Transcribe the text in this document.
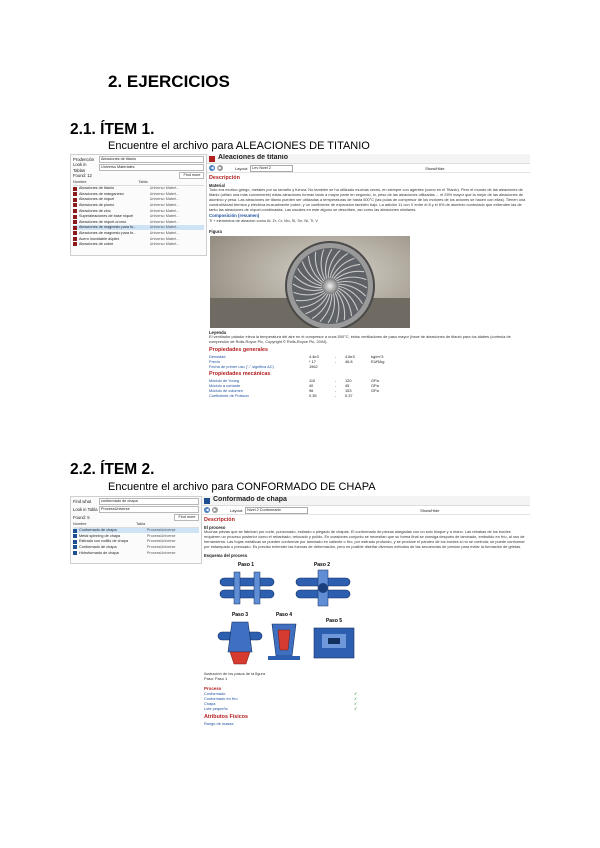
2. EJERCICIOS
2.1. ÍTEM 1.
Encuentre el archivo para ALEACIONES DE TITANIO
Prodención	Aleaciones de titanio
Look in Tablas
Universo Materiales
Found: 12	Find more
Nombre	Tabla
Aleaciones de titanio	Universo Materi...
Aleaciones de manganeso	Universo Materi...
Aleaciones de níquel	Universo Materi...
Aleaciones de plomo	Universo Materi...
Aleaciones de zinc	Universo Materi...
Superaleaciones de base níquel	Universo Materi...
Aleaciones de níquel-cromo	Universo Materi...
Aleaciones de magnesio para fu...	Universo Materi...
Aleaciones de magnesio para fo...	Universo Materi...
Acero inoxidable dúplex	Universo Materi...
Aleaciones de cobre	Universo Materi...
Aleaciones de titanio
◀	▶	Layout:	Lev Nivel 2	Show/Hide
Descripción
Material
Todo era exotico griego, metales por su tamaño y fuerza. No también se ha utilizado muchas veces, en siempre con agentes (como en el Titanic). Pero el mundo de las aleaciones de titanio (utilizó una más conveniente) estas aleaciones forman tanto a mayor parte en segundo, lo, peso de las aleaciones utilizadas ... el 25% mayor que la mejor de las aleaciones de aluminio y pesa. Las aleaciones de titanio pueden ser utilizadas a temperaturas de hasta 500°C (las pulas de compresor de los motores de los aviones se hacen con ellas). Tienen una conductividad térmica y eléctrica inusualmente pobre, y un coeficiente de expansión también bajo. La adición 11 con V entre el 8 y el 6% de aluminio controlado que extienden las de tanto las aleaciones de níquel combinadas. Las usuales en este alguno se describen, así como las aleaciones similares.
Composición (resumen)
Ti + elementos de aleación como Al, Zr, Cr, Mo, Si, Sn, Ni, Ti, V
Figura
Leyenda
El ventilador palador eleva la temperatura del aire en el compresor a unos 500°C, éstos ventiladores de paso mayor (hace de aleaciones de titanio para los álabes (cortesía de compresión de Rolls-Royce Plc, Copyright © Rolls-Royce Plc, 2004).
Propiedades generales
Densidad	4.4e3	-	4.8e3	kg/m^3
Precio	* 17	-	46.8	EUR/kg
Fecha de primer uso ("-" significa AC)	1962
Propiedades mecánicas
Módulo de Young	110	-	120	GPa
Módulo a cortante	40	-	45	GPa
Módulo de volumen	96	-	153	GPa
Coeficiente de Poisson	0.35	-	0.37
2.2. ÍTEM 2.
Encuentre el archivo para CONFORMADO DE CHAPA
Find what	conformado de chapa
Look in Tabla ProcessUniverse
Found: 5	Find more
Nombre	Tabla
Conformado de chapa	ProcessUniverse
Metal spinning de chapa	ProcessUniverse
Estirado con rodillo de chapa	ProcessUniverse
Conformado de chapa	ProcessUniverse
Hidroformado de chapa	ProcessUniverse
Conformado de chapa
◀	▶	Layout:	Nivel 2 Conformado	Show/Hide
Descripción
El proceso
Muchas piezas que se fabrican por corte, punzonado, estirado o plegado de chapas. El conformado de piezas alargadas con un solo bloque y a mano. Las rebabas de los bordes requieren un proceso posterior como el rebarbado, retocado y pulido. En ocasiones conjunto se necesitan que su forma final se consiga después de laminado, embutido en frío, al uso de herramienta. Las hojas metálicas se pueden conformar por laminado en caliente o frío, por estirado profundo, y se produce el pandeo de los bordes si no se controla; se puede conformar por estampado o prensado. Es preciso entender las fuerzas de deformación, pero es posible diseñar diversos métodos de las secuencias de presión para evitar la formación de grietas.
Esquema del proceso
Paso 1	Paso 2
Paso 3	Paso 4
Paso 5
Ilustración de los pasos de la figura
Paso: Paso 1
Proceso
Conformado	✓
Conformado en frío	✓
Chapa	✓
Lote pequeño	✓
Atributos Físicos
Rango de masas
